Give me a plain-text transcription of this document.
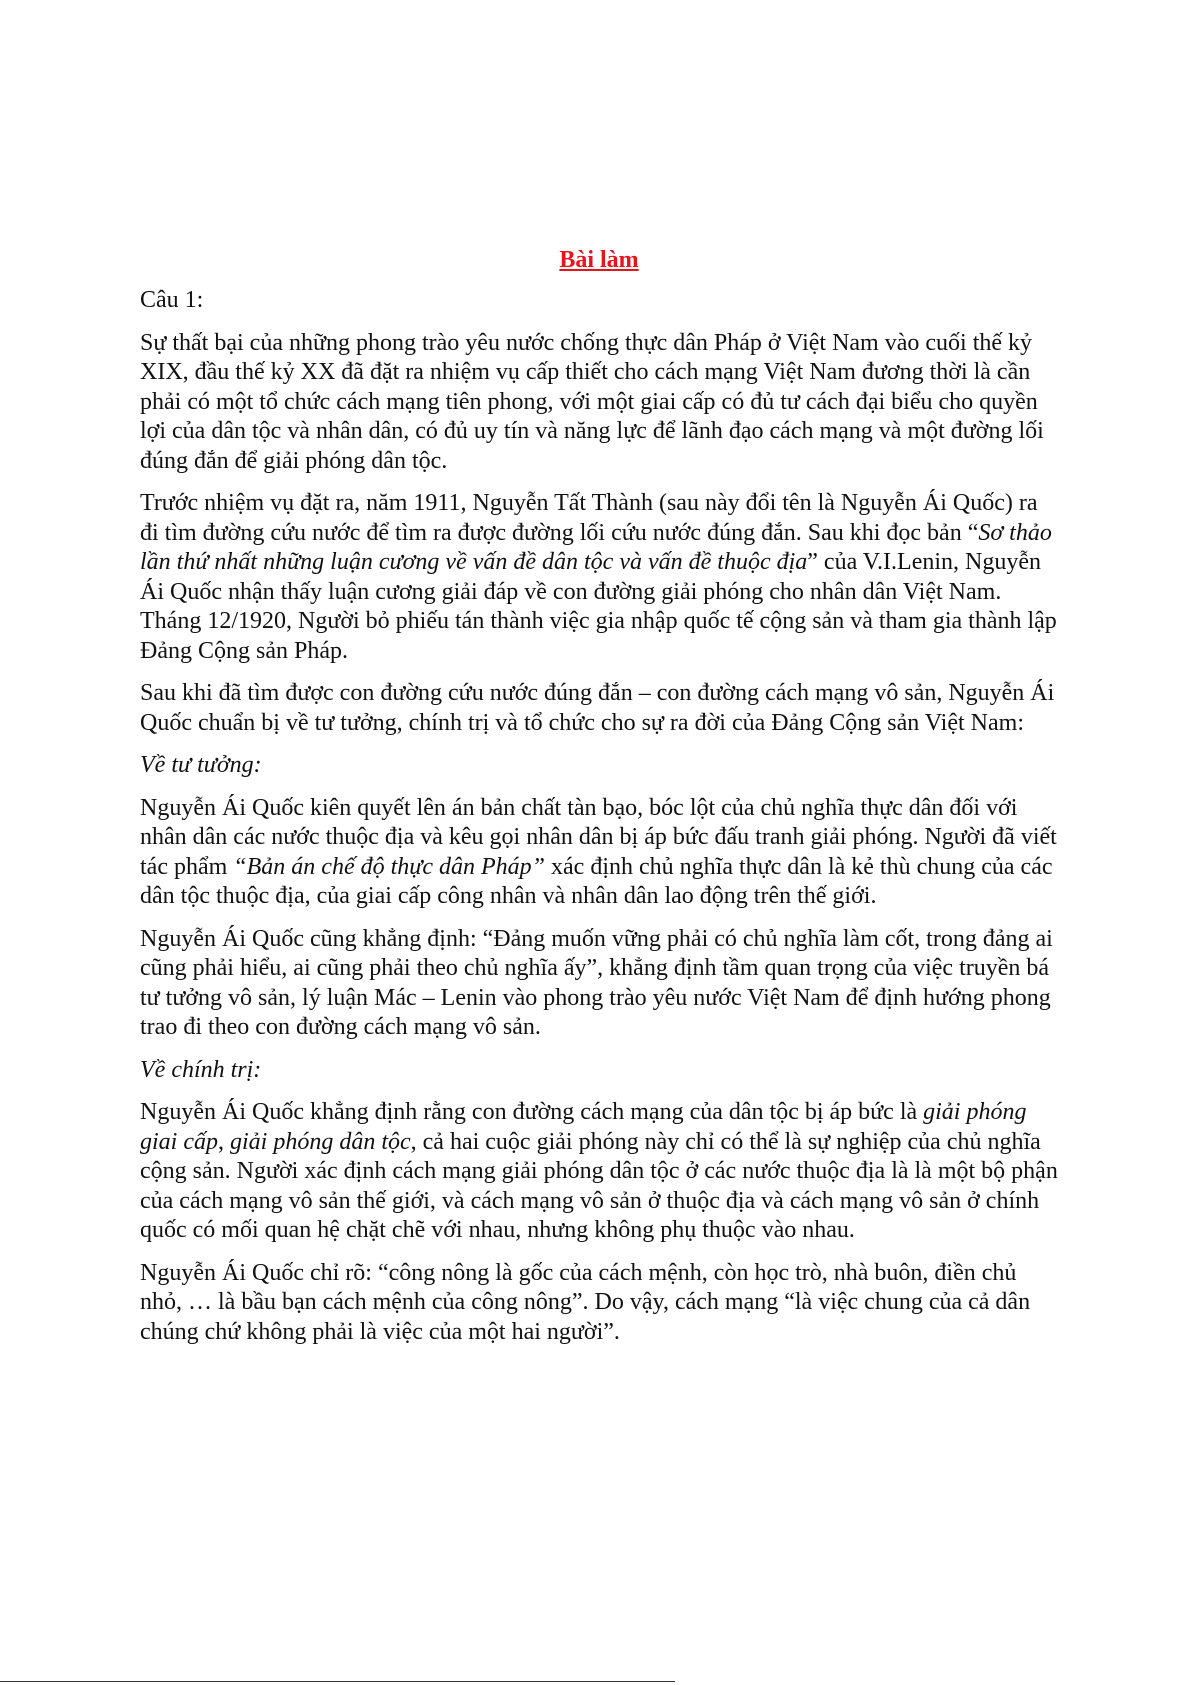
Bài làm

Câu 1:

Sự thất bại của những phong trào yêu nước chống thực dân Pháp ở Việt Nam vào cuối thế kỷ XIX, đầu thế kỷ XX đã đặt ra nhiệm vụ cấp thiết cho cách mạng Việt Nam đương thời là cần phải có một tổ chức cách mạng tiên phong, với một giai cấp có đủ tư cách đại biểu cho quyền lợi của dân tộc và nhân dân, có đủ uy tín và năng lực để lãnh đạo cách mạng và một đường lối đúng đắn để giải phóng dân tộc.

Trước nhiệm vụ đặt ra, năm 1911, Nguyễn Tất Thành (sau này đổi tên là Nguyễn Ái Quốc) ra đi tìm đường cứu nước để tìm ra được đường lối cứu nước đúng đắn. Sau khi đọc bản “Sơ thảo lần thứ nhất những luận cương về vấn đề dân tộc và vấn đề thuộc địa” của V.I.Lenin, Nguyễn Ái Quốc nhận thấy luận cương giải đáp về con đường giải phóng cho nhân dân Việt Nam. Tháng 12/1920, Người bỏ phiếu tán thành việc gia nhập quốc tế cộng sản và tham gia thành lập Đảng Cộng sản Pháp.

Sau khi đã tìm được con đường cứu nước đúng đắn – con đường cách mạng vô sản, Nguyễn Ái Quốc chuẩn bị về tư tưởng, chính trị và tổ chức cho sự ra đời của Đảng Cộng sản Việt Nam:

Về tư tưởng:

Nguyễn Ái Quốc kiên quyết lên án bản chất tàn bạo, bóc lột của chủ nghĩa thực dân đối với nhân dân các nước thuộc địa và kêu gọi nhân dân bị áp bức đấu tranh giải phóng. Người đã viết tác phẩm “Bản án chế độ thực dân Pháp” xác định chủ nghĩa thực dân là kẻ thù chung của các dân tộc thuộc địa, của giai cấp công nhân và nhân dân lao động trên thế giới.

Nguyễn Ái Quốc cũng khẳng định: “Đảng muốn vững phải có chủ nghĩa làm cốt, trong đảng ai cũng phải hiểu, ai cũng phải theo chủ nghĩa ấy”, khẳng định tầm quan trọng của việc truyền bá tư tưởng vô sản, lý luận Mác – Lenin vào phong trào yêu nước Việt Nam để định hướng phong trao đi theo con đường cách mạng vô sản.

Về chính trị:

Nguyễn Ái Quốc khẳng định rằng con đường cách mạng của dân tộc bị áp bức là giải phóng giai cấp, giải phóng dân tộc, cả hai cuộc giải phóng này chỉ có thể là sự nghiệp của chủ nghĩa cộng sản. Người xác định cách mạng giải phóng dân tộc ở các nước thuộc địa là là một bộ phận của cách mạng vô sản thế giới, và cách mạng vô sản ở thuộc địa và cách mạng vô sản ở chính quốc có mối quan hệ chặt chẽ với nhau, nhưng không phụ thuộc vào nhau.

Nguyễn Ái Quốc chỉ rõ: “công nông là gốc của cách mệnh, còn học trò, nhà buôn, điền chủ nhỏ, … là bầu bạn cách mệnh của công nông”. Do vậy, cách mạng “là việc chung của cả dân chúng chứ không phải là việc của một hai người”.
